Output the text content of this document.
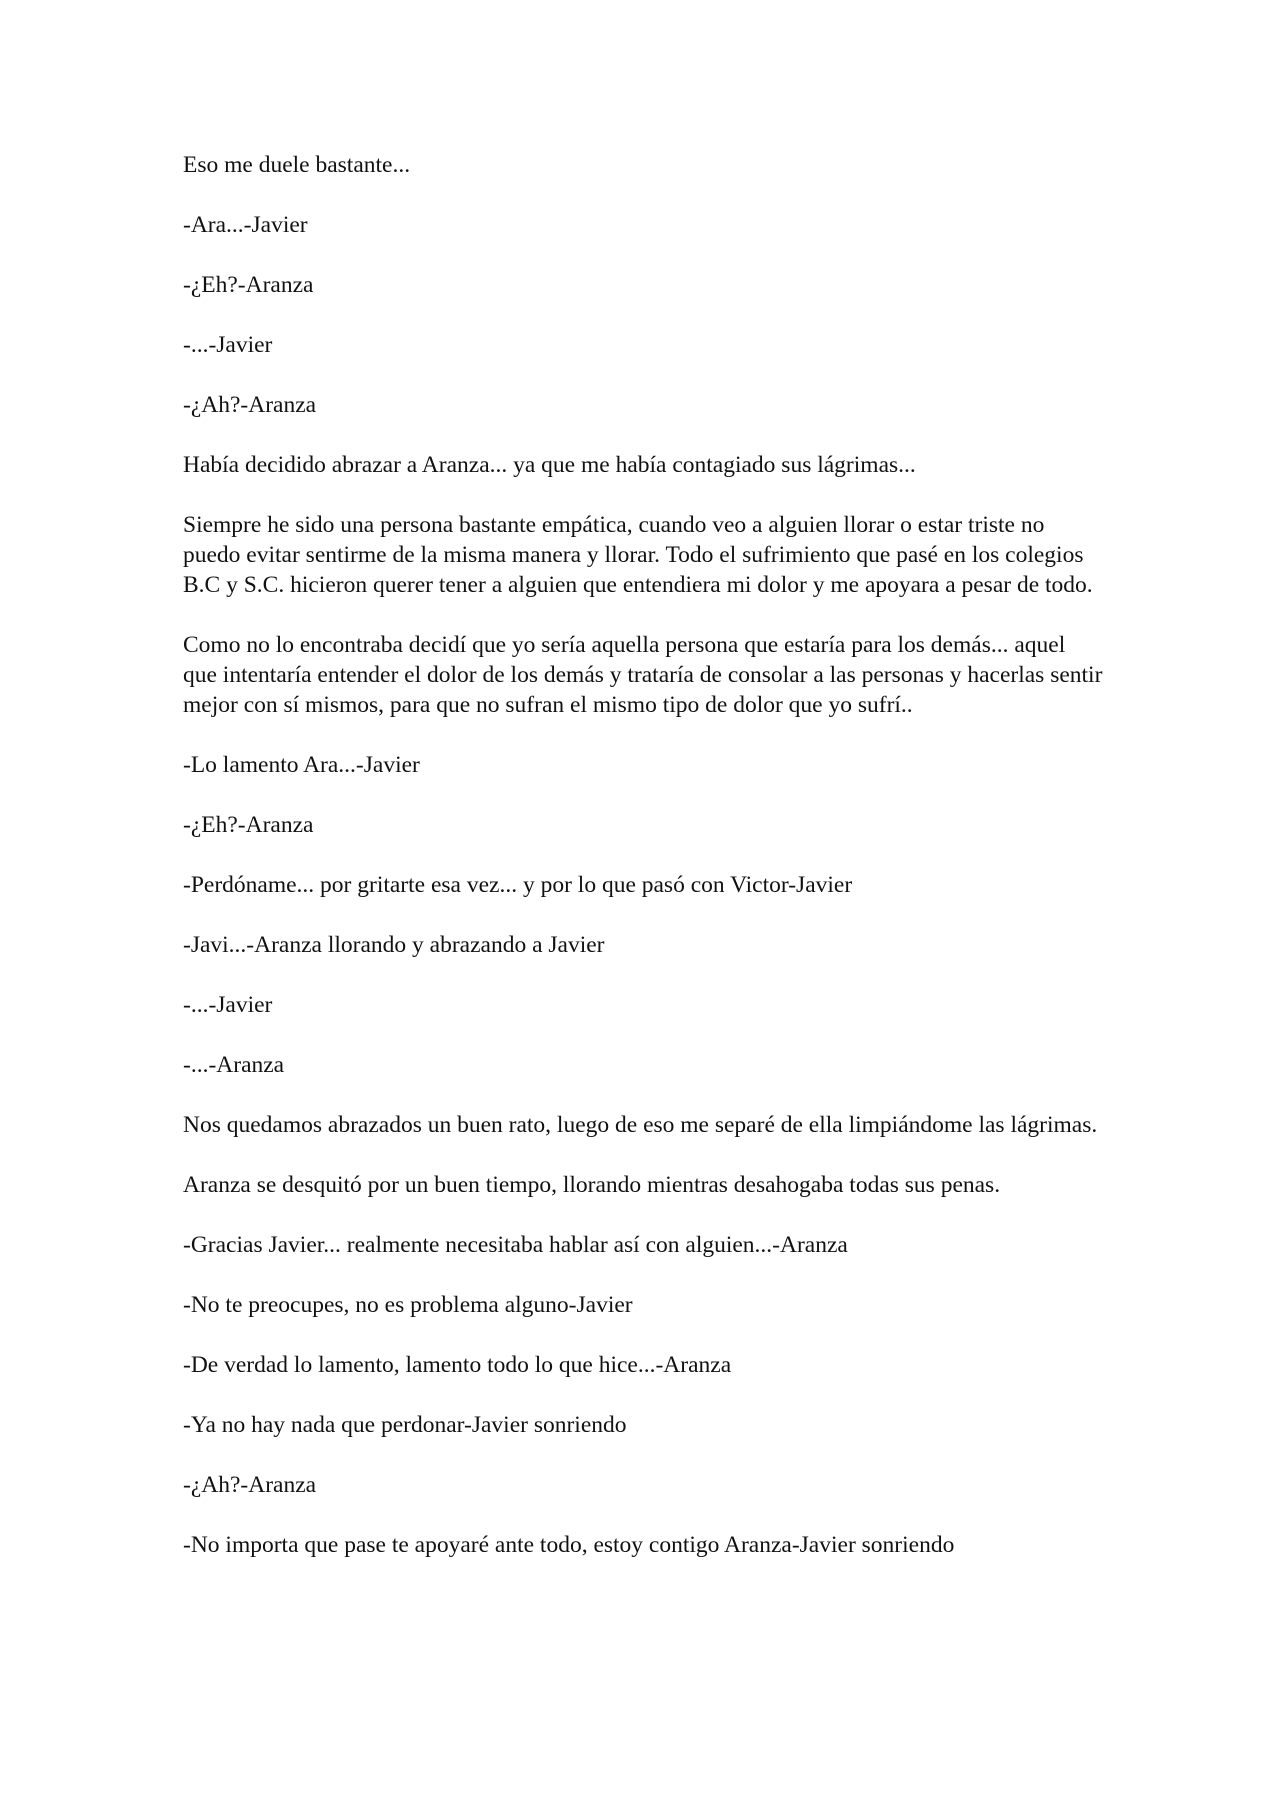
Eso me duele bastante...

-Ara...-Javier

-¿Eh?-Aranza

-...-Javier

-¿Ah?-Aranza

Había decidido abrazar a Aranza... ya que me había contagiado sus lágrimas...

Siempre he sido una persona bastante empática, cuando veo a alguien llorar o estar triste no puedo evitar sentirme de la misma manera y llorar. Todo el sufrimiento que pasé en los colegios B.C y S.C. hicieron querer tener a alguien que entendiera mi dolor y me apoyara a pesar de todo.

Como no lo encontraba decidí que yo sería aquella persona que estaría para los demás... aquel que intentaría entender el dolor de los demás y trataría de consolar a las personas y hacerlas sentir mejor con sí mismos, para que no sufran el mismo tipo de dolor que yo sufrí..

-Lo lamento Ara...-Javier

-¿Eh?-Aranza

-Perdóname... por gritarte esa vez... y por lo que pasó con Victor-Javier

-Javi...-Aranza llorando y abrazando a Javier

-...-Javier

-...-Aranza

Nos quedamos abrazados un buen rato, luego de eso me separé de ella limpiándome las lágrimas.

Aranza se desquitó por un buen tiempo, llorando mientras desahogaba todas sus penas.

-Gracias Javier... realmente necesitaba hablar así con alguien...-Aranza

-No te preocupes, no es problema alguno-Javier

-De verdad lo lamento, lamento todo lo que hice...-Aranza

-Ya no hay nada que perdonar-Javier sonriendo

-¿Ah?-Aranza

-No importa que pase te apoyaré ante todo, estoy contigo Aranza-Javier sonriendo
